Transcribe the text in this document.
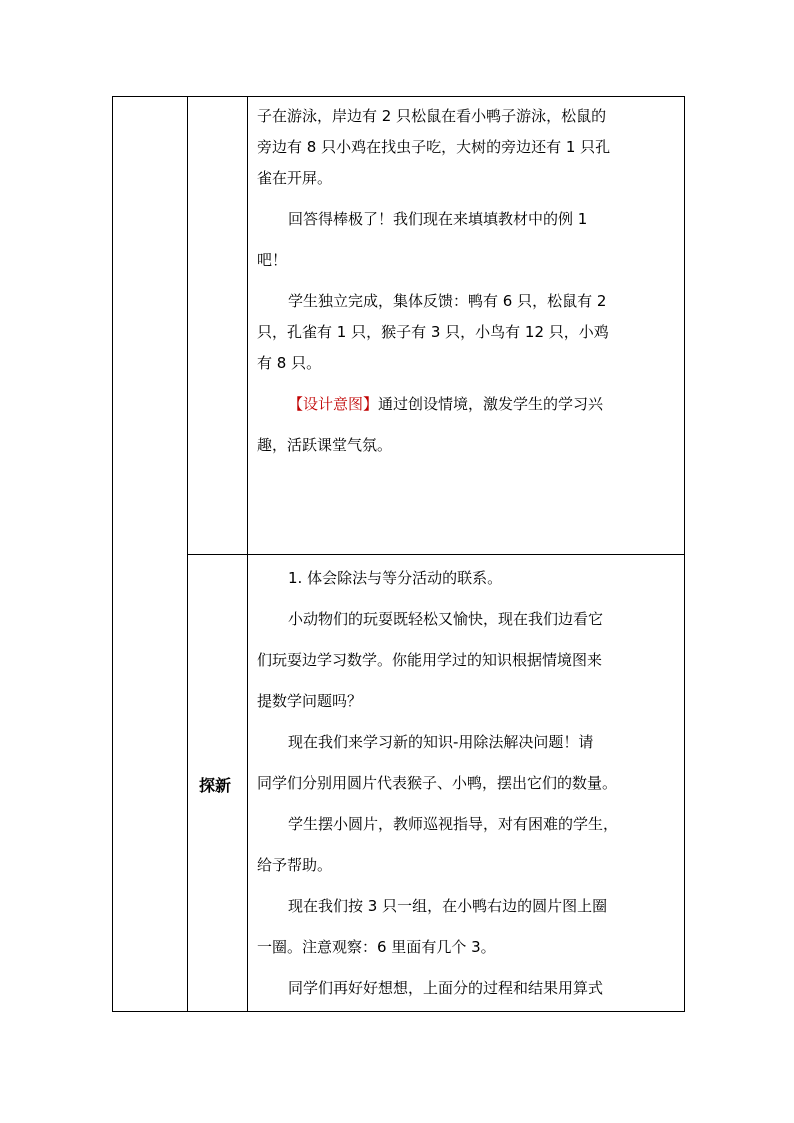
子在游泳，岸边有 2 只松鼠在看小鸭子游泳，松鼠的

旁边有 8 只小鸡在找虫子吃，大树的旁边还有 1 只孔

雀在开屏。

回答得棒极了！我们现在来填填教材中的例 1

吧！

学生独立完成，集体反馈：鸭有 6 只，松鼠有 2

只，孔雀有 1 只，猴子有 3 只，小鸟有 12 只，小鸡

有 8 只。

【设计意图】通过创设情境，激发学生的学习兴

趣，活跃课堂气氛。

探新

1. 体会除法与等分活动的联系。

小动物们的玩耍既轻松又愉快，现在我们边看它

们玩耍边学习数学。你能用学过的知识根据情境图来

提数学问题吗？

现在我们来学习新的知识-用除法解决问题！请

同学们分别用圆片代表猴子、小鸭，摆出它们的数量。

学生摆小圆片，教师巡视指导，对有困难的学生，

给予帮助。

现在我们按 3 只一组，在小鸭右边的圆片图上圈

一圈。注意观察：6 里面有几个 3。

同学们再好好想想，上面分的过程和结果用算式
